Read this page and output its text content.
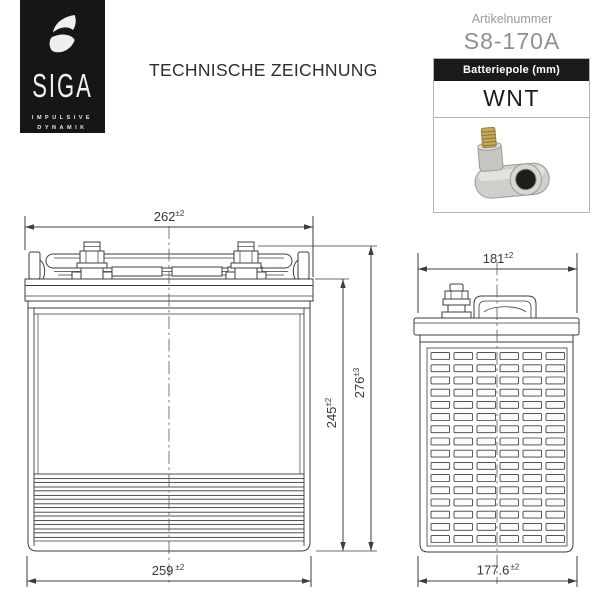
SIGA
IMPULSIVE
DYNAMIK
TECHNISCHE ZEICHNUNG
Artikelnummer
S8-170A
Batteriepole (mm)
WNT
$262^{\pm 2}$
259 $^{\pm 2}$
$245^{\pm 2}$
$276^{\pm 3}$
$181^{\pm 2}$
$177.6^{\pm 2}$
